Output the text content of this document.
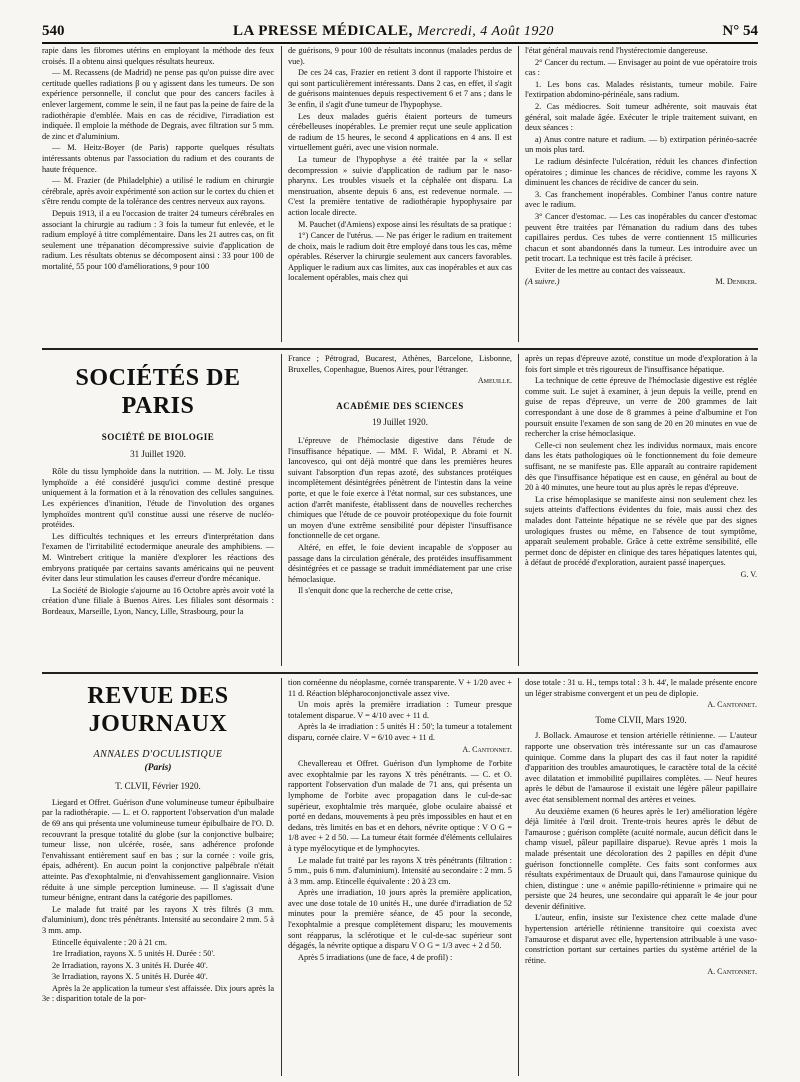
540	LA PRESSE MÉDICALE, Mercredi, 4 Août 1920	N° 54

rapie dans les fibromes utérins en employant la méthode des feux croisés. Il a obtenu ainsi quelques résultats heureux.

— M. Recassens (de Madrid) ne pense pas qu'on puisse dire avec certitude quelles radiations β ou γ agissent dans les tumeurs. De son expérience personnelle, il conclut que pour des cancers faciles à enlever largement, comme le sein, il ne faut pas la peine de faire de la radiothérapie d'emblée. Mais en cas de récidive, l'irradiation est indiquée. Il emploie la méthode de Degrais, avec filtration sur 5 mm. de zinc et d'aluminium.

— M. Heitz-Boyer (de Paris) rapporte quelques résultats intéressants obtenus par l'association du radium et des courants de haute fréquence.

— M. Frazier (de Philadelphie) a utilisé le radium en chirurgie cérébrale, après avoir expérimenté son action sur le cortex du chien et s'être rendu compte de la tolérance des centres nerveux aux rayons.

Depuis 1913, il a eu l'occasion de traiter 24 tumeurs cérébrales en associant la chirurgie au radium : 3 fois la tumeur fut enlevée, et le radium employé à titre complémentaire. Dans les 21 autres cas, on fit seulement une trépanation décompressive suivie d'application de radium. Les résultats obtenus se décomposent ainsi : 33 pour 100 de mortalité, 55 pour 100 d'améliorations, 9 pour 100

de guérisons, 9 pour 100 de résultats inconnus (malades perdus de vue).

De ces 24 cas, Frazier en retient 3 dont il rapporte l'histoire et qui sont particulièrement intéressants. Dans 2 cas, en effet, il s'agit de guérisons maintenues depuis respectivement 6 et 7 ans ; dans le 3e enfin, il s'agit d'une tumeur de l'hypophyse.

Les deux malades guéris étaient porteurs de tumeurs cérébelleuses inopérables. Le premier reçut une seule application de radium de 15 heures, le second 4 applications en 4 ans. Il est virtuellement guéri, avec une vision normale.

La tumeur de l'hypophyse a été traitée par la « sellar decompression » suivie d'application de radium par le naso-pharynx. Les troubles visuels et la céphalée ont disparu. La menstruation, absente depuis 6 ans, est redevenue normale. — C'est la première tentative de radiothérapie hypophysaire par action locale directe.

M. Pauchet (d'Amiens) expose ainsi les résultats de sa pratique :

1°) Cancer de l'utérus. — Ne pas ériger le radium en traitement de choix, mais le radium doit être employé dans tous les cas, même opérables. Réserver la chirurgie seulement aux cancers favorables. Appliquer le radium aux cas limites, aux cas inopérables et aux cas localement opérables, mais chez qui

l'état général mauvais rend l'hystérectomie dangereuse.

2° Cancer du rectum. — Envisager au point de vue opératoire trois cas :

1. Les bons cas. Malades résistants, tumeur mobile. Faire l'extirpation abdomino-périnéale, sans radium.

2. Cas médiocres. Soit tumeur adhérente, soit mauvais état général, soit malade âgée. Exécuter le triple traitement suivant, en deux séances :

a) Anus contre nature et radium. — b) extirpation périnéo-sacrée un mois plus tard.

Le radium désinfecte l'ulcération, réduit les chances d'infection opératoires ; diminue les chances de récidive, comme les rayons X diminuent les chances de récidive de cancer du sein.

3. Cas franchement inopérables. Combiner l'anus contre nature avec le radium.

3° Cancer d'estomac. — Les cas inopérables du cancer d'estomac peuvent être traitées par l'émanation du radium dans des tubes capillaires perdus. Ces tubes de verre contiennent 15 millicuries chacun et sont abandonnés dans la tumeur. Les introduire avec un petit trocart. La technique est très facile à préciser.

Eviter de les mettre au contact des vaisseaux.

(A suivre.)	M. Deniker.
SOCIÉTÉS DE PARIS
SOCIÉTÉ DE BIOLOGIE
31 Juillet 1920.

Rôle du tissu lymphoïde dans la nutrition. — M. Joly. Le tissu lymphoïde a été considéré jusqu'ici comme destiné presque uniquement à la formation et à la rénovation des cellules sanguines. Les expériences d'inanition, l'étude de l'involution des organes lymphoïdes montrent qu'il constitue aussi une réserve de nucléo-protéides.

Les difficultés techniques et les erreurs d'interprétation dans l'examen de l'irritabilité ectodermique aneurale des amphibiens. — M. Wintrebert critique la manière d'explorer les réactions des embryons pratiquée par certains savants américains qui ne peuvent éviter dans leur stimulation les causes d'erreur d'ordre mécanique.

La Société de Biologie s'ajourne au 16 Octobre après avoir voté la création d'une filiale à Buenos Aires. Les filiales sont désormais : Bordeaux, Marseille, Lyon, Nancy, Lille, Strasbourg, pour la

France ; Pétrograd, Bucarest, Athènes, Barcelone, Lisbonne, Bruxelles, Copenhague, Buenos Aires, pour l'étranger.

Ameuille.
ACADÉMIE DES SCIENCES
19 Juillet 1920.

L'épreuve de l'hémoclasie digestive dans l'étude de l'insuffisance hépatique. — MM. F. Widal, P. Abrami et N. Iancovesco, qui ont déjà montré que dans les premières heures suivant l'absorption d'un repas azoté, des substances protéiques incomplètement désintégrées pénètrent de l'intestin dans la veine porte, et que le foie exerce à l'état normal, sur ces substances, une action d'arrêt manifeste, établissent dans de nouvelles recherches chimiques que l'étude de ce pouvoir protéopexique du foie fournit un moyen d'une extrême sensibilité pour dépister l'insuffisance fonctionnelle de cet organe.

Altéré, en effet, le foie devient incapable de s'opposer au passage dans la circulation générale, des protéides insuffisamment désintégrées et ce passage se traduit immédiatement par une crise hémoclasique.

Il s'enquit donc que la recherche de cette crise,

après un repas d'épreuve azoté, constitue un mode d'exploration à la fois fort simple et très rigoureux de l'insuffisance hépatique.

La technique de cette épreuve de l'hémoclasie digestive est réglée comme suit. Le sujet à examiner, à jeun depuis la veille, prend en guise de repas d'épreuve, un verre de 200 grammes de lait correspondant à une dose de 8 grammes à peine d'albumine et l'on poursuit ensuite l'examen de son sang de 20 en 20 minutes en vue de rechercher la crise hémoclasique.

Celle-ci non seulement chez les individus normaux, mais encore dans les états pathologiques où le fonctionnement du foie demeure suffisant, ne se manifeste pas. Elle apparaît au contraire rapidement dès que l'insuffisance hépatique est en cause, en général au bout de 20 à 40 minutes, une heure tout au plus après le repas d'épreuve.

La crise hémoplasique se manifeste ainsi non seulement chez les sujets atteints d'affections évidentes du foie, mais aussi chez des malades dont l'atteinte hépatique ne se révèle que par des signes urologiques frustes ou même, en l'absence de tout symptôme, apparaît seulement probable. Grâce à cette extrême sensibilité, elle permet donc de dépister en clinique des tares hépatiques latentes qui, à défaut de procédé d'exploration, auraient passé inaperçues.

G. V.
REVUE DES JOURNAUX
ANNALES D'OCULISTIQUE
(Paris)
T. CLVII, Février 1920.

Liegard et Offret. Guérison d'une volumineuse tumeur épibulbaire par la radiothérapie. — L. et O. rapportent l'observation d'un malade de 69 ans qui présenta une volumineuse tumeur épibulbaire de l'O. D. recouvrant la presque totalité du globe (sur la conjonctive bulbaire; tumeur lisse, non ulcérée, rosée, sans adhérence profonde l'envahissant entièrement sauf en bas ; sur la cornée : voile gris, épais, adhérent). En aucun point la conjonctive palpébrale n'était atteinte. Pas d'exophtalmie, ni d'envahissement ganglionnaire. Vision réduite à une simple perception lumineuse. — Il s'agissait d'une tumeur bénigne, entrant dans la catégorie des papillomes.

Le malade fut traité par les rayons X très filtrés (3 mm. d'aluminium), donc très pénétrants. Intensité au secondaire 2 mm. 5 à 3 mm. amp.

Etincelle équivalente : 20 à 21 cm.

1re Irradiation, rayons X. 5 unités H. Durée : 50'.

2e Irradiation, rayons X. 3 unités H. Durée 40'.

3e Irradiation, rayons X. 5 unités H. Durée 40'.

Après la 2e application la tumeur s'est affaissée. Dix jours après la 3e : disparition totale de la por-

tion cornéenne du néoplasme, cornée transparente. V + 1/20 avec + 11 d. Réaction blépharoconjonctivale assez vive.

Un mois après la première irradiation : Tumeur presque totalement disparue. V = 4/10 avec + 11 d.

Après la 4e irradiation : 5 unités H : 50'; la tumeur a totalement disparu, cornée claire. V = 6/10 avec + 11 d.

A. Cantonnet.

Chevallereau et Offret. Guérison d'un lymphome de l'orbite avec exophtalmie par les rayons X très pénétrants. — C. et O. rapportent l'observation d'un malade de 71 ans, qui présenta un lymphome de l'orbite avec propagation dans le cul-de-sac supérieur, exophtalmie très marquée, globe oculaire abaissé et porté en dedans, mouvements à peu près impossibles en haut et en dedans, très limités en bas et en dehors, névrite optique : V O G = 1/8 avec + 2 d 50. — La tumeur était formée d'éléments cellulaires à type myélocytique et de lymphocytes.

Le malade fut traité par les rayons X très pénétrants (filtration : 5 mm., puis 6 mm. d'aluminium). Intensité au secondaire : 2 mm. 5 à 3 mm. amp. Etincelle équivalente : 20 à 23 cm.

Après une irradiation, 10 jours après la première application, avec une dose totale de 10 unités H., une durée d'irradiation de 52 minutes pour la première séance, de 45 pour la seconde, l'exophtalmie a presque complètement disparu; les mouvements sont réapparus, la sclérotique et le cul-de-sac supérieur sont dégagés, la névrite optique a disparu V O G = 1/3 avec + 2 d 50.

Après 5 irradiations (une de face, 4 de profil) :

dose totale : 31 u. H., temps total : 3 h. 44', le malade présente encore un léger strabisme convergent et un peu de diplopie.

A. Cantonnet.
Tome CLVII, Mars 1920.

J. Bollack. Amaurose et tension artérielle rétinienne. — L'auteur rapporte une observation très intéressante sur un cas d'amaurose quinique. Comme dans la plupart des cas il faut noter la rapidité d'apparition des troubles amaurotiques, le caractère total de la cécité avec dilatation et immobilité pupillaires complètes. — Neuf heures après le début de l'amaurose il existait une légère pâleur papillaire avec état sensiblement normal des artères et veines.

Au deuxième examen (6 heures après le 1er) amélioration légère déjà limitée à l'œil droit. Trente-trois heures après le début de l'amaurose ; guérison complète (acuité normale, aucun déficit dans le champ visuel, pâleur papillaire disparue). Revue après 1 mois la malade présentait une décoloration des 2 papilles en dépit d'une guérison fonctionnelle complète. Ces faits sont conformes aux résultats expérimentaux de Druault qui, dans l'amaurose quinique du chien, distingue : une « anémie papillo-rétinienne » primaire qui ne persiste que 24 heures, une secondaire qui apparaît le 4e jour pour devenir définitive.

L'auteur, enfin, insiste sur l'existence chez cette malade d'une hypertension artérielle rétinienne transitoire qui coexista avec l'amaurose et disparut avec elle, hypertension attribuable à une vaso-constriction portant sur certaines parties du système artériel de la rétine.

A. Cantonnet.
